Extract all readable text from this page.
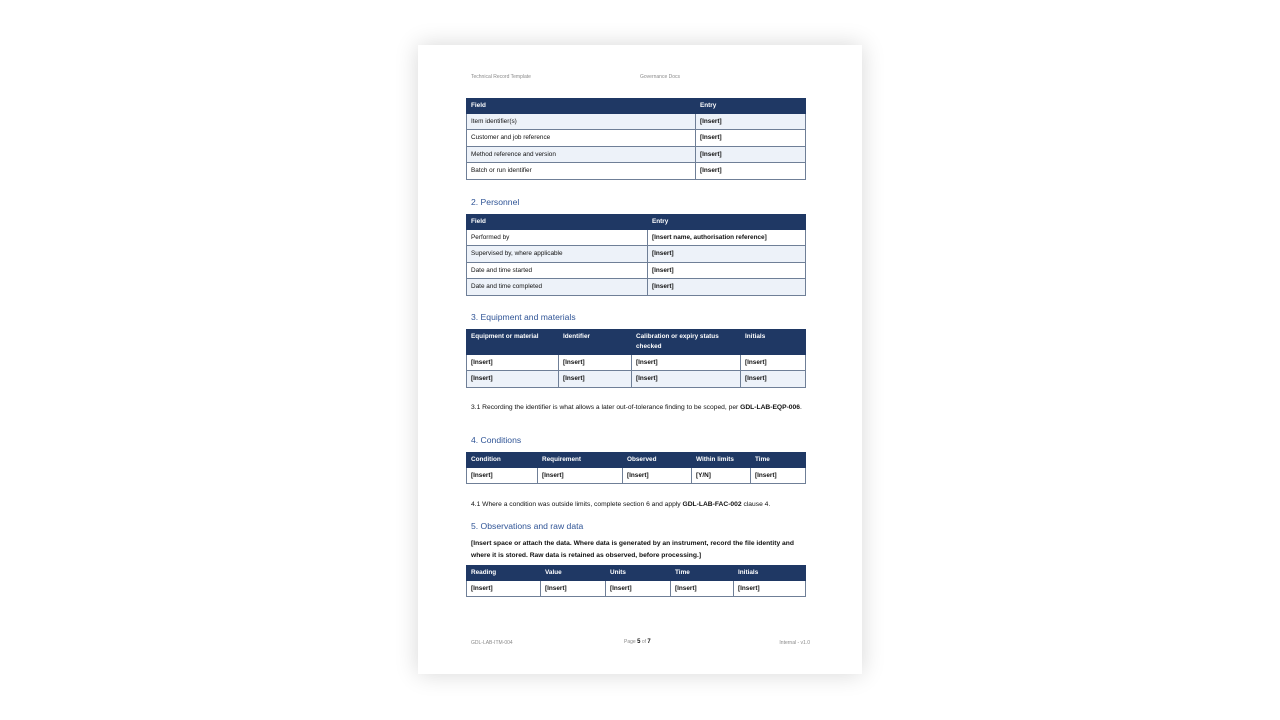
Technical Record Template	Governance Docs
Field	Entry
Item identifier(s)	[Insert]
Customer and job reference	[Insert]
Method reference and version	[Insert]
Batch or run identifier	[Insert]
2. Personnel
Field	Entry
Performed by	[Insert name, authorisation reference]
Supervised by, where applicable	[Insert]
Date and time started	[Insert]
Date and time completed	[Insert]
3. Equipment and materials
Equipment or material	Identifier	Calibration or expiry status checked	Initials
[Insert]	[Insert]	[Insert]	[Insert]
[Insert]	[Insert]	[Insert]	[Insert]

3.1 Recording the identifier is what allows a later out-of-tolerance finding to be scoped, per GDL-LAB-EQP-006.

4. Conditions
Condition	Requirement	Observed	Within limits	Time
[Insert]	[Insert]	[Insert]	[Y/N]	[Insert]

4.1 Where a condition was outside limits, complete section 6 and apply GDL-LAB-FAC-002 clause 4.

5. Observations and raw data

[Insert space or attach the data. Where data is generated by an instrument, record the file identity and where it is stored. Raw data is retained as observed, before processing.]

Reading	Value	Units	Time	Initials
[Insert]	[Insert]	[Insert]	[Insert]	[Insert]
GDL-LAB-ITM-004	Page 5 of 7	Internal - v1.0
